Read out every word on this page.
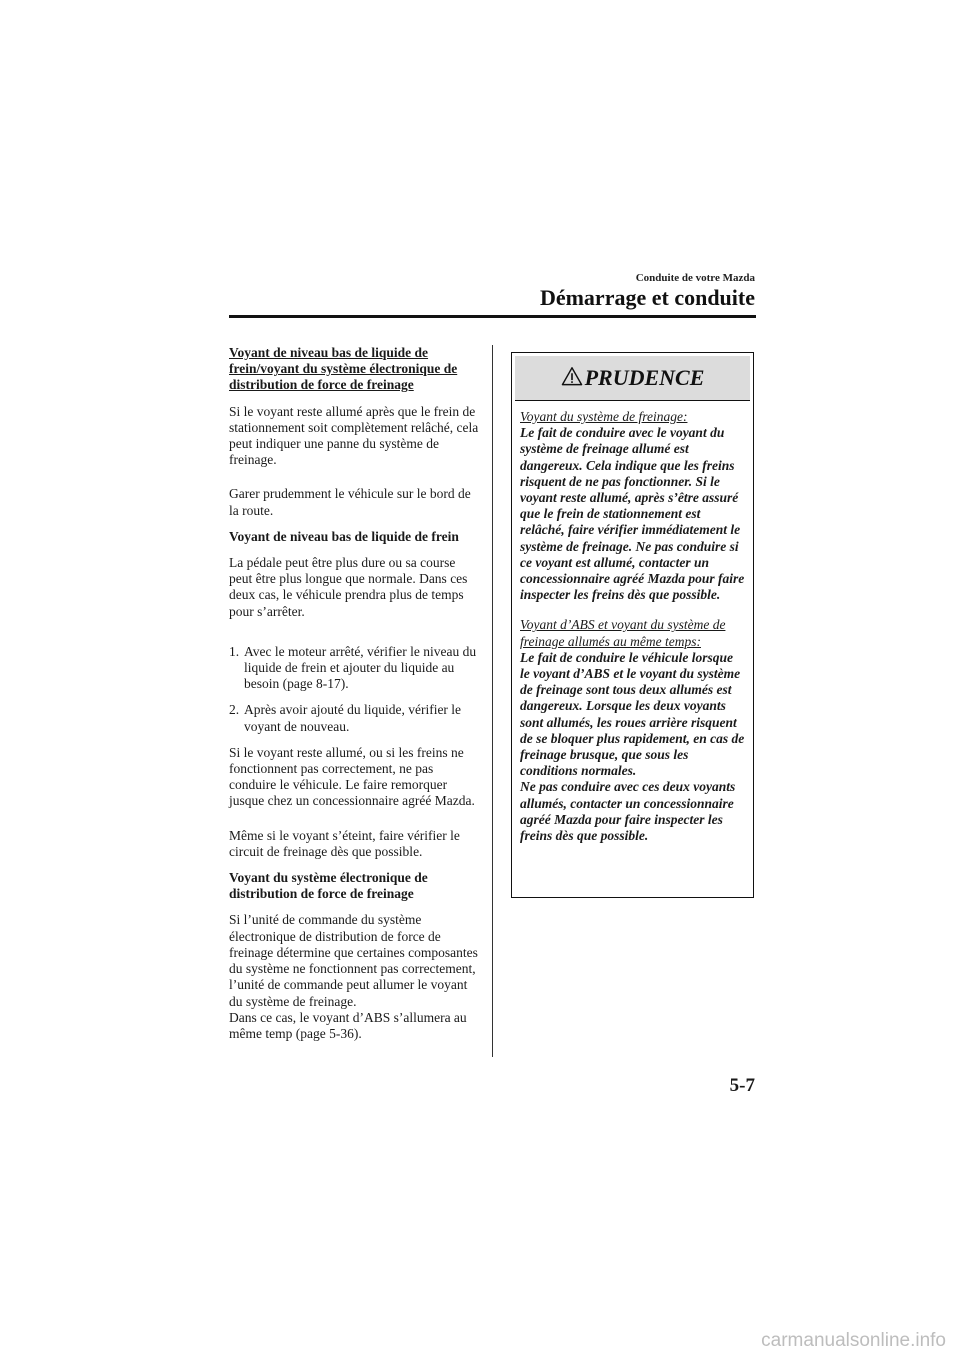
Conduite de votre Mazda
Démarrage et conduite
Voyant de niveau bas de liquide de frein/voyant du système électronique de distribution de force de freinage

Si le voyant reste allumé après que le frein de stationnement soit complètement relâché, cela peut indiquer une panne du système de freinage.

Garer prudemment le véhicule sur le bord de la route.

Voyant de niveau bas de liquide de frein

La pédale peut être plus dure ou sa course peut être plus longue que normale. Dans ces deux cas, le véhicule prendra plus de temps pour s’arrêter.

1. Avec le moteur arrêté, vérifier le niveau du liquide de frein et ajouter du liquide au besoin (page 8-17).
2. Après avoir ajouté du liquide, vérifier le voyant de nouveau.

Si le voyant reste allumé, ou si les freins ne fonctionnent pas correctement, ne pas conduire le véhicule. Le faire remorquer jusque chez un concessionnaire agréé Mazda.

Même si le voyant s’éteint, faire vérifier le circuit de freinage dès que possible.

Voyant du système électronique de distribution de force de freinage

Si l’unité de commande du système électronique de distribution de force de freinage détermine que certaines composantes du système ne fonctionnent pas correctement, l’unité de commande peut allumer le voyant du système de freinage.

Dans ce cas, le voyant d’ABS s’allumera au même temp (page 5-36).

PRUDENCE
Voyant du système de freinage:

Le fait de conduire avec le voyant du système de freinage allumé est dangereux. Cela indique que les freins risquent de ne pas fonctionner. Si le voyant reste allumé, après s’être assuré que le frein de stationnement est relâché, faire vérifier immédiatement le système de freinage. Ne pas conduire si ce voyant est allumé, contacter un concessionnaire agréé Mazda pour faire inspecter les freins dès que possible.

Voyant d’ABS et voyant du système de freinage allumés au même temps:

Le fait de conduire le véhicule lorsque le voyant d’ABS et le voyant du système de freinage sont tous deux allumés est dangereux. Lorsque les deux voyants sont allumés, les roues arrière risquent de se bloquer plus rapidement, en cas de freinage brusque, que sous les conditions normales.

Ne pas conduire avec ces deux voyants allumés, contacter un concessionnaire agréé Mazda pour faire inspecter les freins dès que possible.

5-7
carmanualsonline.info
